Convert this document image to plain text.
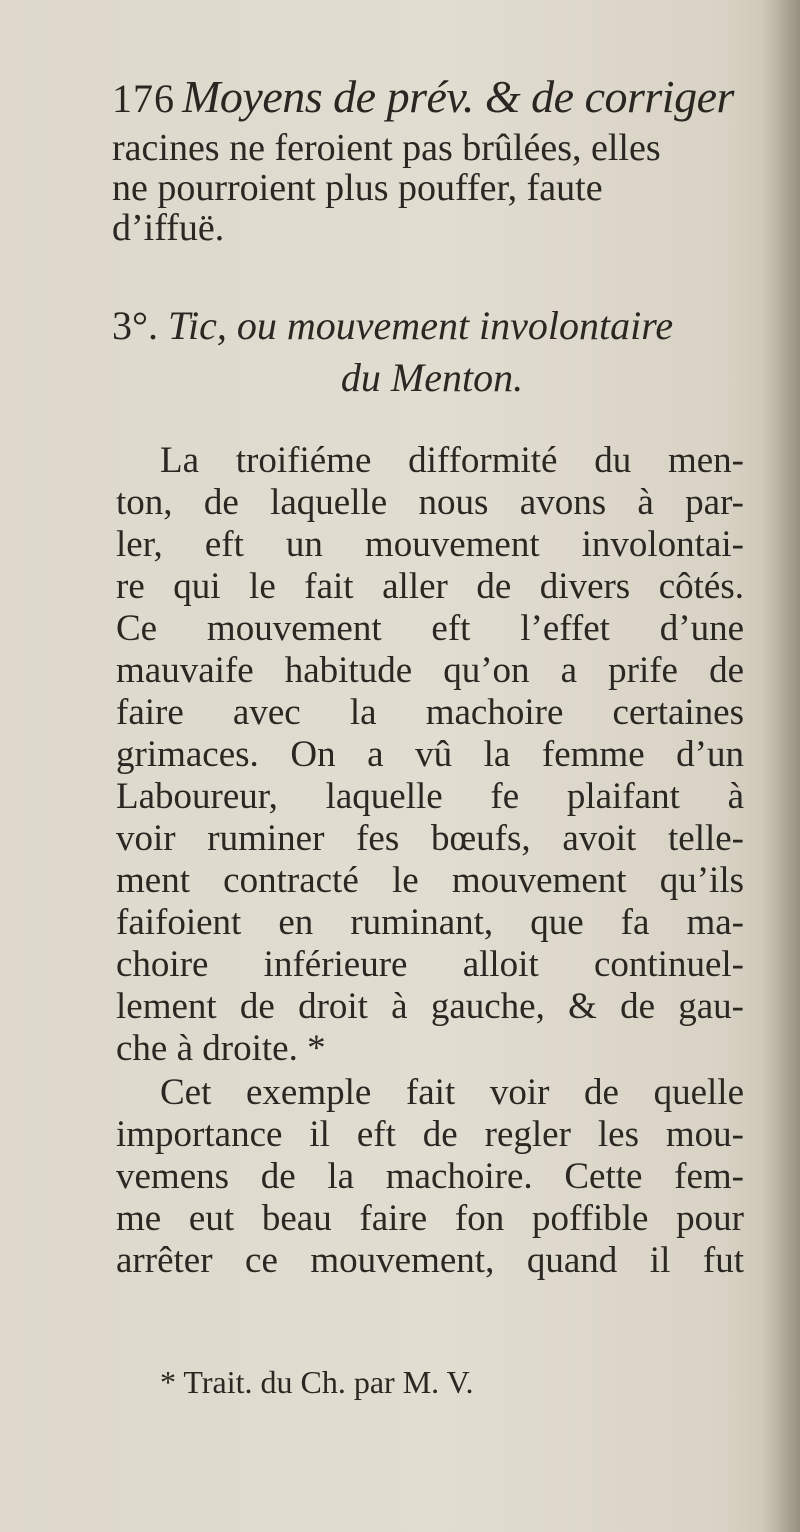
176 Moyens de prév. & de corriger
racines ne feroient pas brûlées, elles
ne pourroient plus pouffer, faute
d’iffuë.
3°. Tic, ou mouvement involontaire
du Menton.
La troifiéme difformité du men-
ton, de laquelle nous avons à par-
ler, eft un mouvement involontai-
re qui le fait aller de divers côtés.
Ce mouvement eft l’effet d’une
mauvaife habitude qu’on a prife de
faire avec la machoire certaines
grimaces. On a vû la femme d’un
Laboureur, laquelle fe plaifant à
voir ruminer fes bœufs, avoit telle-
ment contracté le mouvement qu’ils
faifoient en ruminant, que fa ma-
choire inférieure alloit continuel-
lement de droit à gauche, & de gau-
che à droite. *
Cet exemple fait voir de quelle
importance il eft de regler les mou-
vemens de la machoire. Cette fem-
me eut beau faire fon poffible pour
arrêter ce mouvement, quand il fut
* Trait. du Ch. par M. V.
